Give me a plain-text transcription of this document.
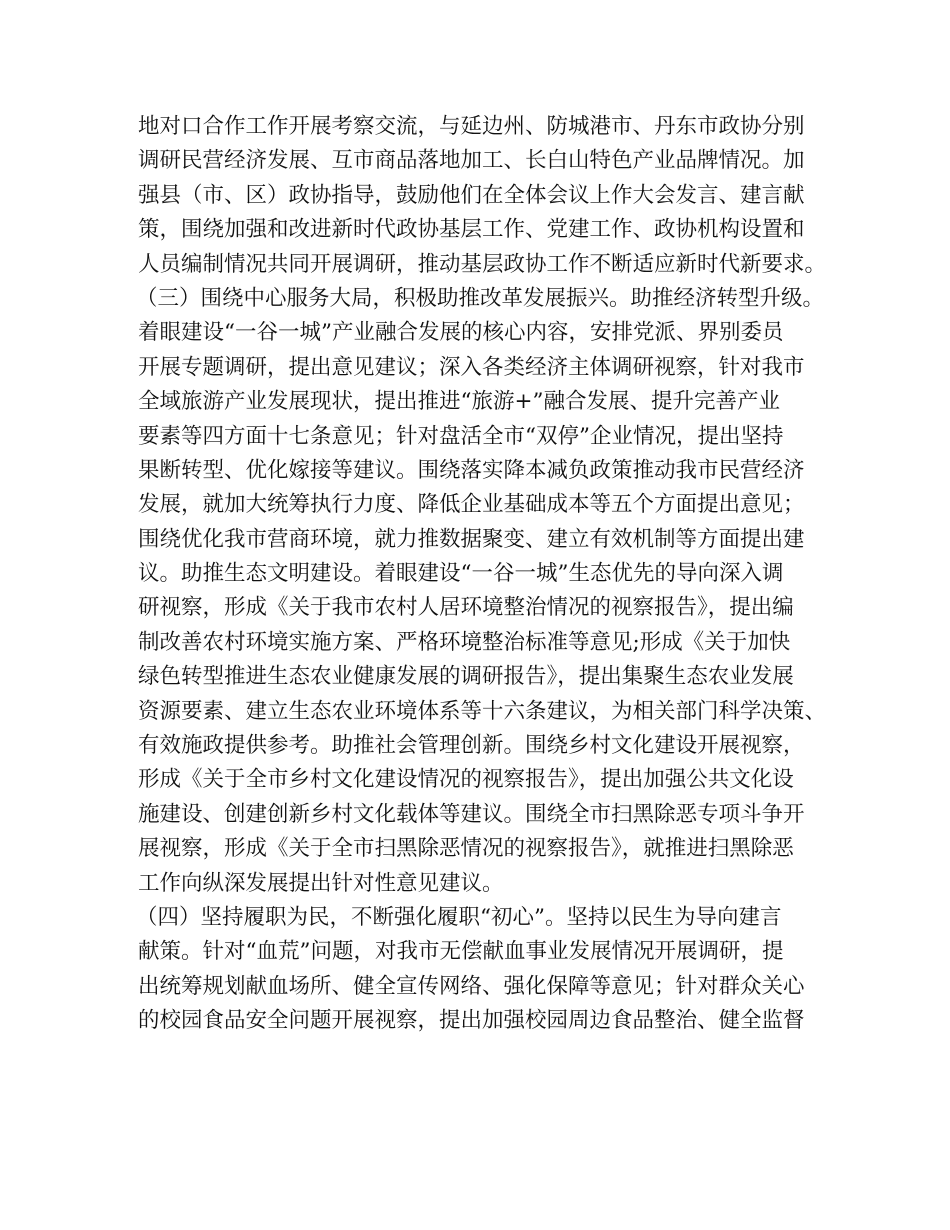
地对口合作工作开展考察交流，与延边州、防城港市、丹东市政协分别
调研民营经济发展、互市商品落地加工、长白山特色产业品牌情况。加
强县（市、区）政协指导，鼓励他们在全体会议上作大会发言、建言献
策，围绕加强和改进新时代政协基层工作、党建工作、政协机构设置和
人员编制情况共同开展调研，推动基层政协工作不断适应新时代新要求。
（三）围绕中心服务大局，积极助推改革发展振兴。助推经济转型升级。
着眼建设“一谷一城”产业融合发展的核心内容，安排党派、界别委员
开展专题调研，提出意见建议；深入各类经济主体调研视察，针对我市
全域旅游产业发展现状，提出推进“旅游+”融合发展、提升完善产业
要素等四方面十七条意见；针对盘活全市“双停”企业情况，提出坚持
果断转型、优化嫁接等建议。围绕落实降本减负政策推动我市民营经济
发展，就加大统筹执行力度、降低企业基础成本等五个方面提出意见；
围绕优化我市营商环境，就力推数据聚变、建立有效机制等方面提出建
议。助推生态文明建设。着眼建设“一谷一城”生态优先的导向深入调
研视察，形成《关于我市农村人居环境整治情况的视察报告》，提出编
制改善农村环境实施方案、严格环境整治标准等意见;形成《关于加快
绿色转型推进生态农业健康发展的调研报告》，提出集聚生态农业发展
资源要素、建立生态农业环境体系等十六条建议，为相关部门科学决策、
有效施政提供参考。助推社会管理创新。围绕乡村文化建设开展视察，
形成《关于全市乡村文化建设情况的视察报告》，提出加强公共文化设
施建设、创建创新乡村文化载体等建议。围绕全市扫黑除恶专项斗争开
展视察，形成《关于全市扫黑除恶情况的视察报告》，就推进扫黑除恶
工作向纵深发展提出针对性意见建议。
（四）坚持履职为民，不断强化履职“初心”。坚持以民生为导向建言
献策。针对“血荒”问题，对我市无偿献血事业发展情况开展调研，提
出统筹规划献血场所、健全宣传网络、强化保障等意见；针对群众关心
的校园食品安全问题开展视察，提出加强校园周边食品整治、健全监督
